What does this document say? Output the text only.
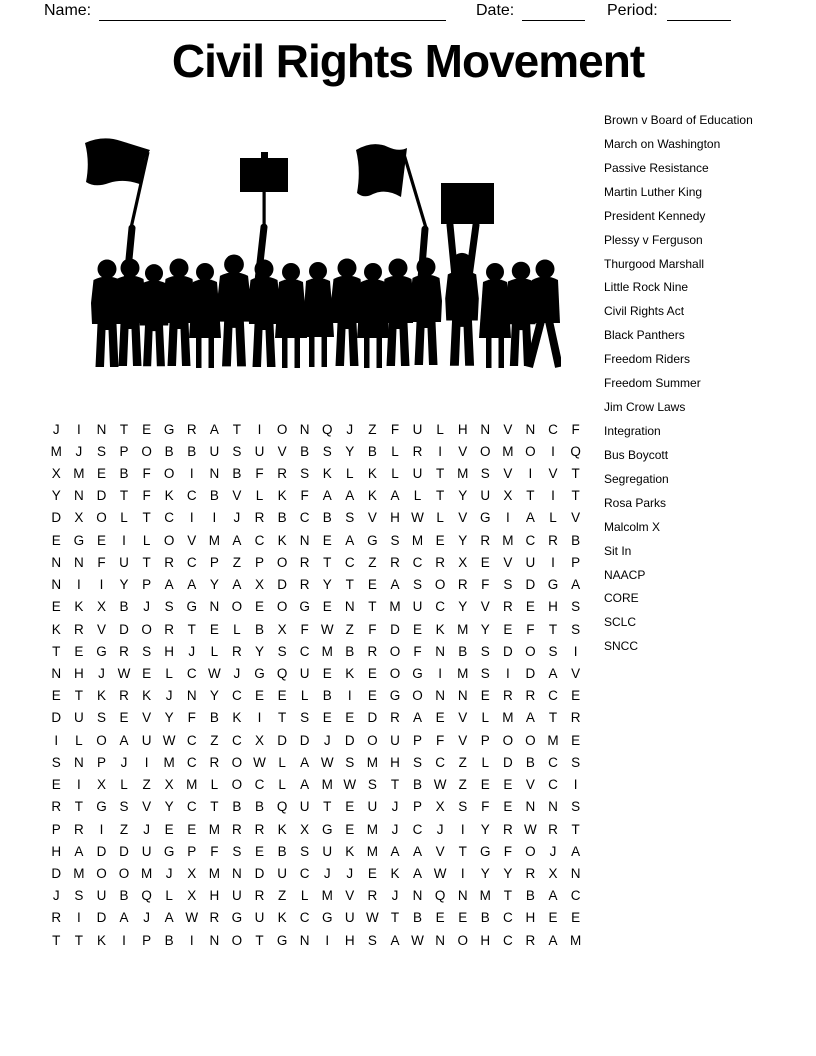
Name:	Date:	Period:
Civil Rights Movement
Brown v Board of Education
March on Washington
Passive Resistance
Martin Luther King
President Kennedy
Plessy v Ferguson
Thurgood Marshall
Little Rock Nine
Civil Rights Act
Black Panthers
Freedom Riders
Freedom Summer
Jim Crow Laws
Integration
Bus Boycott
Segregation
Rosa Parks
Malcolm X
Sit In
NAACP
CORE
SCLC
SNCC
J	I	N	T	E G R A	T	I	O N Q	J	Z	F	U	L	H N V N C	F
M	J	S	P O B	B U S U V	B	S	Y	B	L	R	I	V O M O	I	Q
X M E	B	F O	I	N B	F	R S	K	L	K	L	U	T M S	V	I	V	T
Y N D	T	F	K C B	V	L	K	F	A	A	K	A	L	T	Y U X	T	I	T
D X O	L	T	C	I	I	J	R B C B	S	V H W L	V G	I	A	L	V
E G E	I	L	O V M A C K N E	A G S M E	Y R M C R B
N N	F	U	T	R C P	Z	P O R	T	C	Z	R C R X	E	V U	I	P
N	I	I	Y	P	A	A	Y	A	X D R Y	T	E	A	S O R	F	S D G A
E	K	X	B	J	S G N O E O G E N	T M U C Y	V R E H S
K R V D O R	T	E	L	B	X	F W Z	F	D E	K M Y	E	F	T	S
T	E G R S H	J	L	R Y	S C M B R O F	N B	S D O S	I
N H	J W E	L	C W J	G Q U E	K	E O G	I	M S	I	D A	V
E	T	K R K	J	N Y C E	E	L	B	I	E G O N N E R R C E
D U S	E	V	Y	F	B	K	I	T	S	E	E D R A	E	V	L M A	T	R
I	L	O A U W C	Z	C X D D	J	D O U P	F	V	P O O M E
S N P	J	I	M C R O W L	A W S M H S C	Z	L	D B C S
E	I	X	L	Z	X M L	O C	L	A M W S	T	B W Z	E	E	V C	I
R	T G S	V	Y C	T	B	B Q U	T	E U	J	P	X	S	F	E N N S
P R	I	Z	J	E	E M R R K	X G E M	J	C	J	I	Y R W R	T
H A D D U G P	F	S	E	B	S U K M A	A	V	T G F O	J	A
D M O O M	J	X M N D U C	J	J	E	K	A W	I	Y	Y R X N
J	S U B Q	L	X H U R	Z	L M V R	J	N Q N M T	B	A C
R	I	D A	J	A W R G U K C G U W T	B	E	E	B C H E	E
T	T	K	I	P	B	I	N O T G N	I	H S	A W N O H C R A M
